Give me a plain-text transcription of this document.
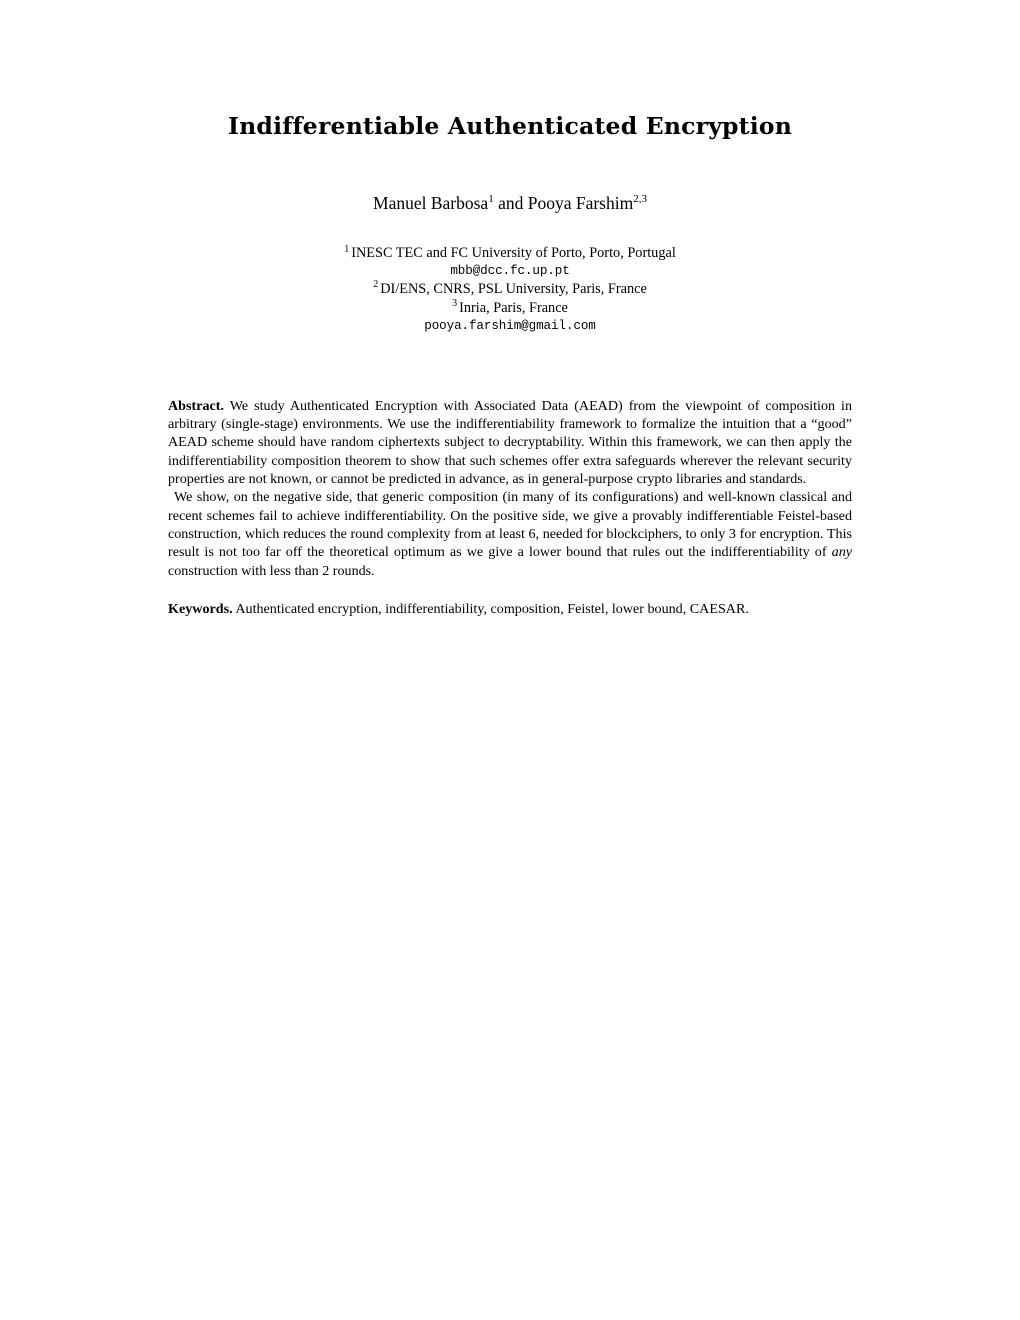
Indifferentiable Authenticated Encryption
Manuel Barbosa$^1$ and Pooya Farshim$^{2,3}$
$^1$ INESC TEC and FC University of Porto, Porto, Portugal
mbb@dcc.fc.up.pt
$^2$ DI/ENS, CNRS, PSL University, Paris, France
$^3$ Inria, Paris, France
pooya.farshim@gmail.com

Abstract. We study Authenticated Encryption with Associated Data (AEAD) from the viewpoint of composition in arbitrary (single-stage) environments. We use the indifferentiability framework to formalize the intuition that a “good” AEAD scheme should have random ciphertexts subject to decryptability. Within this framework, we can then apply the indifferentiability composition theorem to show that such schemes offer extra safeguards wherever the relevant security properties are not known, or cannot be predicted in advance, as in general-purpose crypto libraries and standards.

We show, on the negative side, that generic composition (in many of its configurations) and well-known classical and recent schemes fail to achieve indifferentiability. On the positive side, we give a provably indifferentiable Feistel-based construction, which reduces the round complexity from at least 6, needed for blockciphers, to only 3 for encryption. This result is not too far off the theoretical optimum as we give a lower bound that rules out the indifferentiability of any construction with less than 2 rounds.

Keywords. Authenticated encryption, indifferentiability, composition, Feistel, lower bound, CAESAR.
